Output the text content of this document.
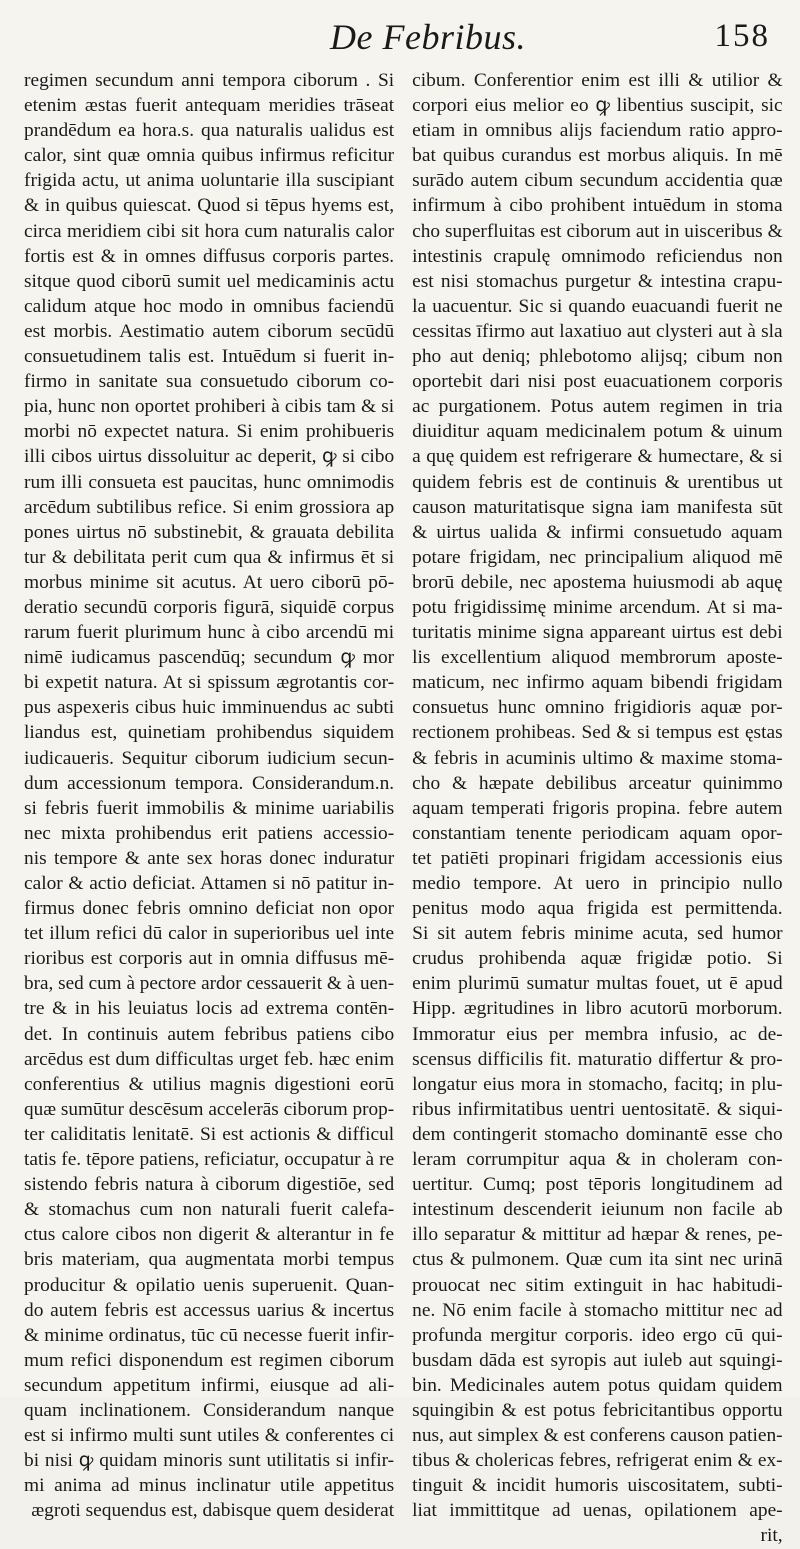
De Febribus.	158
regimen secundum anni tempora ciborum . Si
etenim æstas fuerit antequam meridies trāseat
prandēdum ea hora.s. qua naturalis ualidus est
calor, sint quæ omnia quibus infirmus reficitur
frigida actu, ut anima uoluntarie illa suscipiant
& in quibus quiescat. Quod si tēpus hyems est,
circa meridiem cibi sit hora cum naturalis calor
fortis est & in omnes diffusus corporis partes.
sitque quod ciborū sumit uel medicaminis actu
calidum atque hoc modo in omnibus faciendū
est morbis. Aestimatio autem ciborum secūdū
consuetudinem talis est. Intuēdum si fuerit in-
firmo in sanitate sua consuetudo ciborum co-
pia, hunc non oportet prohiberi à cibis tam & si
morbi nō expectet natura. Si enim prohibueris
illi cibos uirtus dissoluitur ac deperit, ꝙ si cibo
rum illi consueta est paucitas, hunc omnimodis
arcēdum subtilibus refice. Si enim grossiora ap
pones uirtus nō substinebit, & grauata debilita
tur & debilitata perit cum qua & infirmus ēt si
morbus minime sit acutus. At uero ciborū pō-
deratio secundū corporis figurā, siquidē corpus
rarum fuerit plurimum hunc à cibo arcendū mi
nimē iudicamus pascendūq; secundum ꝙ mor
bi expetit natura. At si spissum ægrotantis cor-
pus aspexeris cibus huic imminuendus ac subti
liandus est, quinetiam prohibendus siquidem
iudicaueris. Sequitur ciborum iudicium secun-
dum accessionum tempora. Considerandum.n.
si febris fuerit immobilis & minime uariabilis
nec mixta prohibendus erit patiens accessio-
nis tempore & ante sex horas donec induratur
calor & actio deficiat. Attamen si nō patitur in-
firmus donec febris omnino deficiat non opor
tet illum refici dū calor in superioribus uel inte
rioribus est corporis aut in omnia diffusus mē-
bra, sed cum à pectore ardor cessauerit & à uen-
tre & in his leuiatus locis ad extrema contēn-
det. In continuis autem febribus patiens cibo
arcēdus est dum difficultas urget feb. hæc enim
conferentius & utilius magnis digestioni eorū
quæ sumūtur descēsum accelerās ciborum prop-
ter caliditatis lenitatē. Si est actionis & difficul
tatis fe. tēpore patiens, reficiatur, occupatur à re
sistendo febris natura à ciborum digestiōe, sed
& stomachus cum non naturali fuerit calefa-
ctus calore cibos non digerit & alterantur in fe
bris materiam, qua augmentata morbi tempus
producitur & opilatio uenis superuenit. Quan-
do autem febris est accessus uarius & incertus
& minime ordinatus, tūc cū necesse fuerit infir-
mum refici disponendum est regimen ciborum
secundum appetitum infirmi, eiusque ad ali-
quam inclinationem. Considerandum nanque
est si infirmo multi sunt utiles & conferentes ci
bi nisi ꝙ quidam minoris sunt utilitatis si infir-
mi anima ad minus inclinatur utile appetitus
ægroti sequendus est, dabisque quem desiderat
cibum. Conferentior enim est illi & utilior &
corpori eius melior eo ꝙ libentius suscipit, sic
etiam in omnibus alijs faciendum ratio appro-
bat quibus curandus est morbus aliquis. In mē
surādo autem cibum secundum accidentia quæ
infirmum à cibo prohibent intuēdum in stoma
cho superfluitas est ciborum aut in uisceribus &
intestinis crapulę omnimodo reficiendus non
est nisi stomachus purgetur & intestina crapu-
la uacuentur. Sic si quando euacuandi fuerit ne
cessitas īfirmo aut laxatiuo aut clysteri aut à sla
pho aut deniq; phlebotomo alijsq; cibum non
oportebit dari nisi post euacuationem corporis
ac purgationem. Potus autem regimen in tria
diuiditur aquam medicinalem potum & uinum
a quę quidem est refrigerare & humectare, & si
quidem febris est de continuis & urentibus ut
causon maturitatisque signa iam manifesta sūt
& uirtus ualida & infirmi consuetudo aquam
potare frigidam, nec principalium aliquod mē
brorū debile, nec apostema huiusmodi ab aquę
potu frigidissimę minime arcendum. At si ma-
turitatis minime signa appareant uirtus est debi
lis excellentium aliquod membrorum aposte-
maticum, nec infirmo aquam bibendi frigidam
consuetus hunc omnino frigidioris aquæ por-
rectionem prohibeas. Sed & si tempus est ęstas
& febris in acuminis ultimo & maxime stoma-
cho & hæpate debilibus arceatur quinimmo
aquam temperati frigoris propina. febre autem
constantiam tenente periodicam aquam opor-
tet patiēti propinari frigidam accessionis eius
medio tempore. At uero in principio nullo
penitus modo aqua frigida est permittenda.
Si sit autem febris minime acuta, sed humor
crudus prohibenda aquæ frigidæ potio. Si
enim plurimū sumatur multas fouet, ut ē apud
Hipp. ægritudines in libro acutorū morborum.
Immoratur eius per membra infusio, ac de-
scensus difficilis fit. maturatio differtur & pro-
longatur eius mora in stomacho, facitq; in plu-
ribus infirmitatibus uentri uentositatē. & siqui-
dem contingerit stomacho dominantē esse cho
leram corrumpitur aqua & in choleram con-
uertitur. Cumq; post tēporis longitudinem ad
intestinum descenderit ieiunum non facile ab
illo separatur & mittitur ad hæpar & renes, pe-
ctus & pulmonem. Quæ cum ita sint nec urinā
prouocat nec sitim extinguit in hac habitudi-
ne. Nō enim facile à stomacho mittitur nec ad
profunda mergitur corporis. ideo ergo cū qui-
busdam dāda est syropis aut iuleb aut squingi-
bin. Medicinales autem potus quidam quidem
squingibin & est potus febricitantibus opportu
nus, aut simplex & est conferens causon patien-
tibus & cholericas febres, refrigerat enim & ex-
tinguit & incidit humoris uiscositatem, subti-
liat immittitque ad uenas, opilationem ape-
rit,
